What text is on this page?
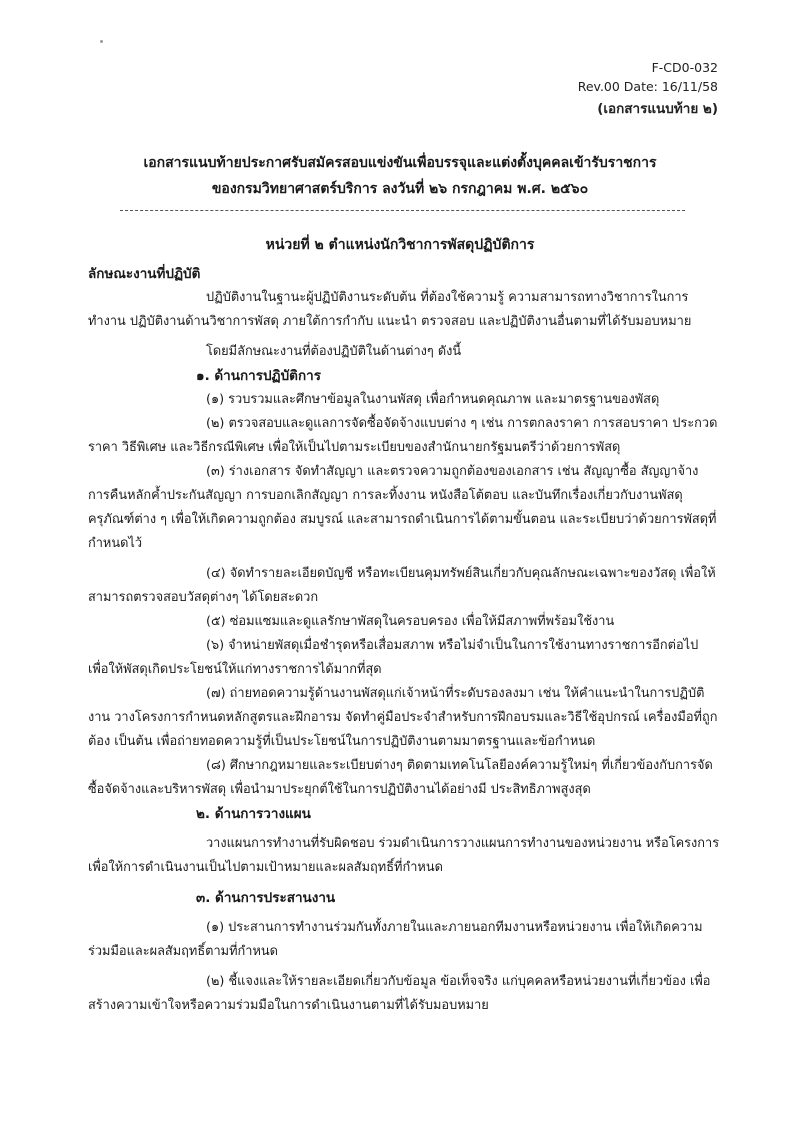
F-CD0-032
Rev.00 Date: 16/11/58
(เอกสารแนบท้าย ๒)
เอกสารแนบท้ายประกาศรับสมัครสอบแข่งขันเพื่อบรรจุและแต่งตั้งบุคคลเข้ารับราชการ
ของกรมวิทยาศาสตร์บริการ ลงวันที่ ๒๖ กรกฎาคม พ.ศ. ๒๕๖๐
หน่วยที่ ๒ ตำแหน่งนักวิชาการพัสดุปฏิบัติการ

ลักษณะงานที่ปฏิบัติ

ปฏิบัติงานในฐานะผู้ปฏิบัติงานระดับต้น ที่ต้องใช้ความรู้ ความสามารถทางวิชาการในการทำงาน ปฏิบัติงานด้านวิชาการพัสดุ ภายใต้การกำกับ แนะนำ ตรวจสอบ และปฏิบัติงานอื่นตามที่ได้รับมอบหมาย

โดยมีลักษณะงานที่ต้องปฏิบัติในด้านต่างๆ ดังนี้

๑. ด้านการปฏิบัติการ

(๑) รวบรวมและศึกษาข้อมูลในงานพัสดุ เพื่อกำหนดคุณภาพ และมาตรฐานของพัสดุ

(๒) ตรวจสอบและดูแลการจัดซื้อจัดจ้างแบบต่าง ๆ เช่น การตกลงราคา การสอบราคา ประกวดราคา วิธีพิเศษ และวิธีกรณีพิเศษ เพื่อให้เป็นไปตามระเบียบของสำนักนายกรัฐมนตรีว่าด้วยการพัสดุ

(๓) ร่างเอกสาร จัดทำสัญญา และตรวจความถูกต้องของเอกสาร เช่น สัญญาซื้อ สัญญาจ้าง การคืนหลักค้ำประกันสัญญา การบอกเลิกสัญญา การละทิ้งงาน หนังสือโต้ตอบ และบันทึกเรื่องเกี่ยวกับงานพัสดุครุภัณฑ์ต่าง ๆ เพื่อให้เกิดความถูกต้อง สมบูรณ์ และสามารถดำเนินการได้ตามขั้นตอน และระเบียบว่าด้วยการพัสดุที่กำหนดไว้

(๔) จัดทำรายละเอียดบัญชี หรือทะเบียนคุมทรัพย์สินเกี่ยวกับคุณลักษณะเฉพาะของวัสดุ เพื่อให้สามารถตรวจสอบวัสดุต่างๆ ได้โดยสะดวก

(๕) ซ่อมแซมและดูแลรักษาพัสดุในครอบครอง เพื่อให้มีสภาพที่พร้อมใช้งาน

(๖) จำหน่ายพัสดุเมื่อชำรุดหรือเสื่อมสภาพ หรือไม่จำเป็นในการใช้งานทางราชการอีกต่อไป เพื่อให้พัสดุเกิดประโยชน์ให้แก่ทางราชการได้มากที่สุด

(๗) ถ่ายทอดความรู้ด้านงานพัสดุแก่เจ้าหน้าที่ระดับรองลงมา เช่น ให้คำแนะนำในการปฏิบัติงาน วางโครงการกำหนดหลักสูตรและฝึกอารม จัดทำคู่มือประจำสำหรับการฝึกอบรมและวิธีใช้อุปกรณ์ เครื่องมือที่ถูกต้อง เป็นต้น เพื่อถ่ายทอดความรู้ที่เป็นประโยชน์ในการปฏิบัติงานตามมาตรฐานและข้อกำหนด

(๘) ศึกษากฎหมายและระเบียบต่างๆ ติดตามเทคโนโลยีองค์ความรู้ใหม่ๆ ที่เกี่ยวข้องกับการจัดซื้อจัดจ้างและบริหารพัสดุ เพื่อนำมาประยุกต์ใช้ในการปฏิบัติงานได้อย่างมี ประสิทธิภาพสูงสุด

๒. ด้านการวางแผน

วางแผนการทำงานที่รับผิดชอบ ร่วมดำเนินการวางแผนการทำงานของหน่วยงาน หรือโครงการ เพื่อให้การดำเนินงานเป็นไปตามเป้าหมายและผลสัมฤทธิ์ที่กำหนด

๓. ด้านการประสานงาน

(๑) ประสานการทำงานร่วมกันทั้งภายในและภายนอกทีมงานหรือหน่วยงาน เพื่อให้เกิดความร่วมมือและผลสัมฤทธิ์ตามที่กำหนด

(๒) ชี้แจงและให้รายละเอียดเกี่ยวกับข้อมูล ข้อเท็จจริง แก่บุคคลหรือหน่วยงานที่เกี่ยวข้อง เพื่อสร้างความเข้าใจหรือความร่วมมือในการดำเนินงานตามที่ได้รับมอบหมาย
